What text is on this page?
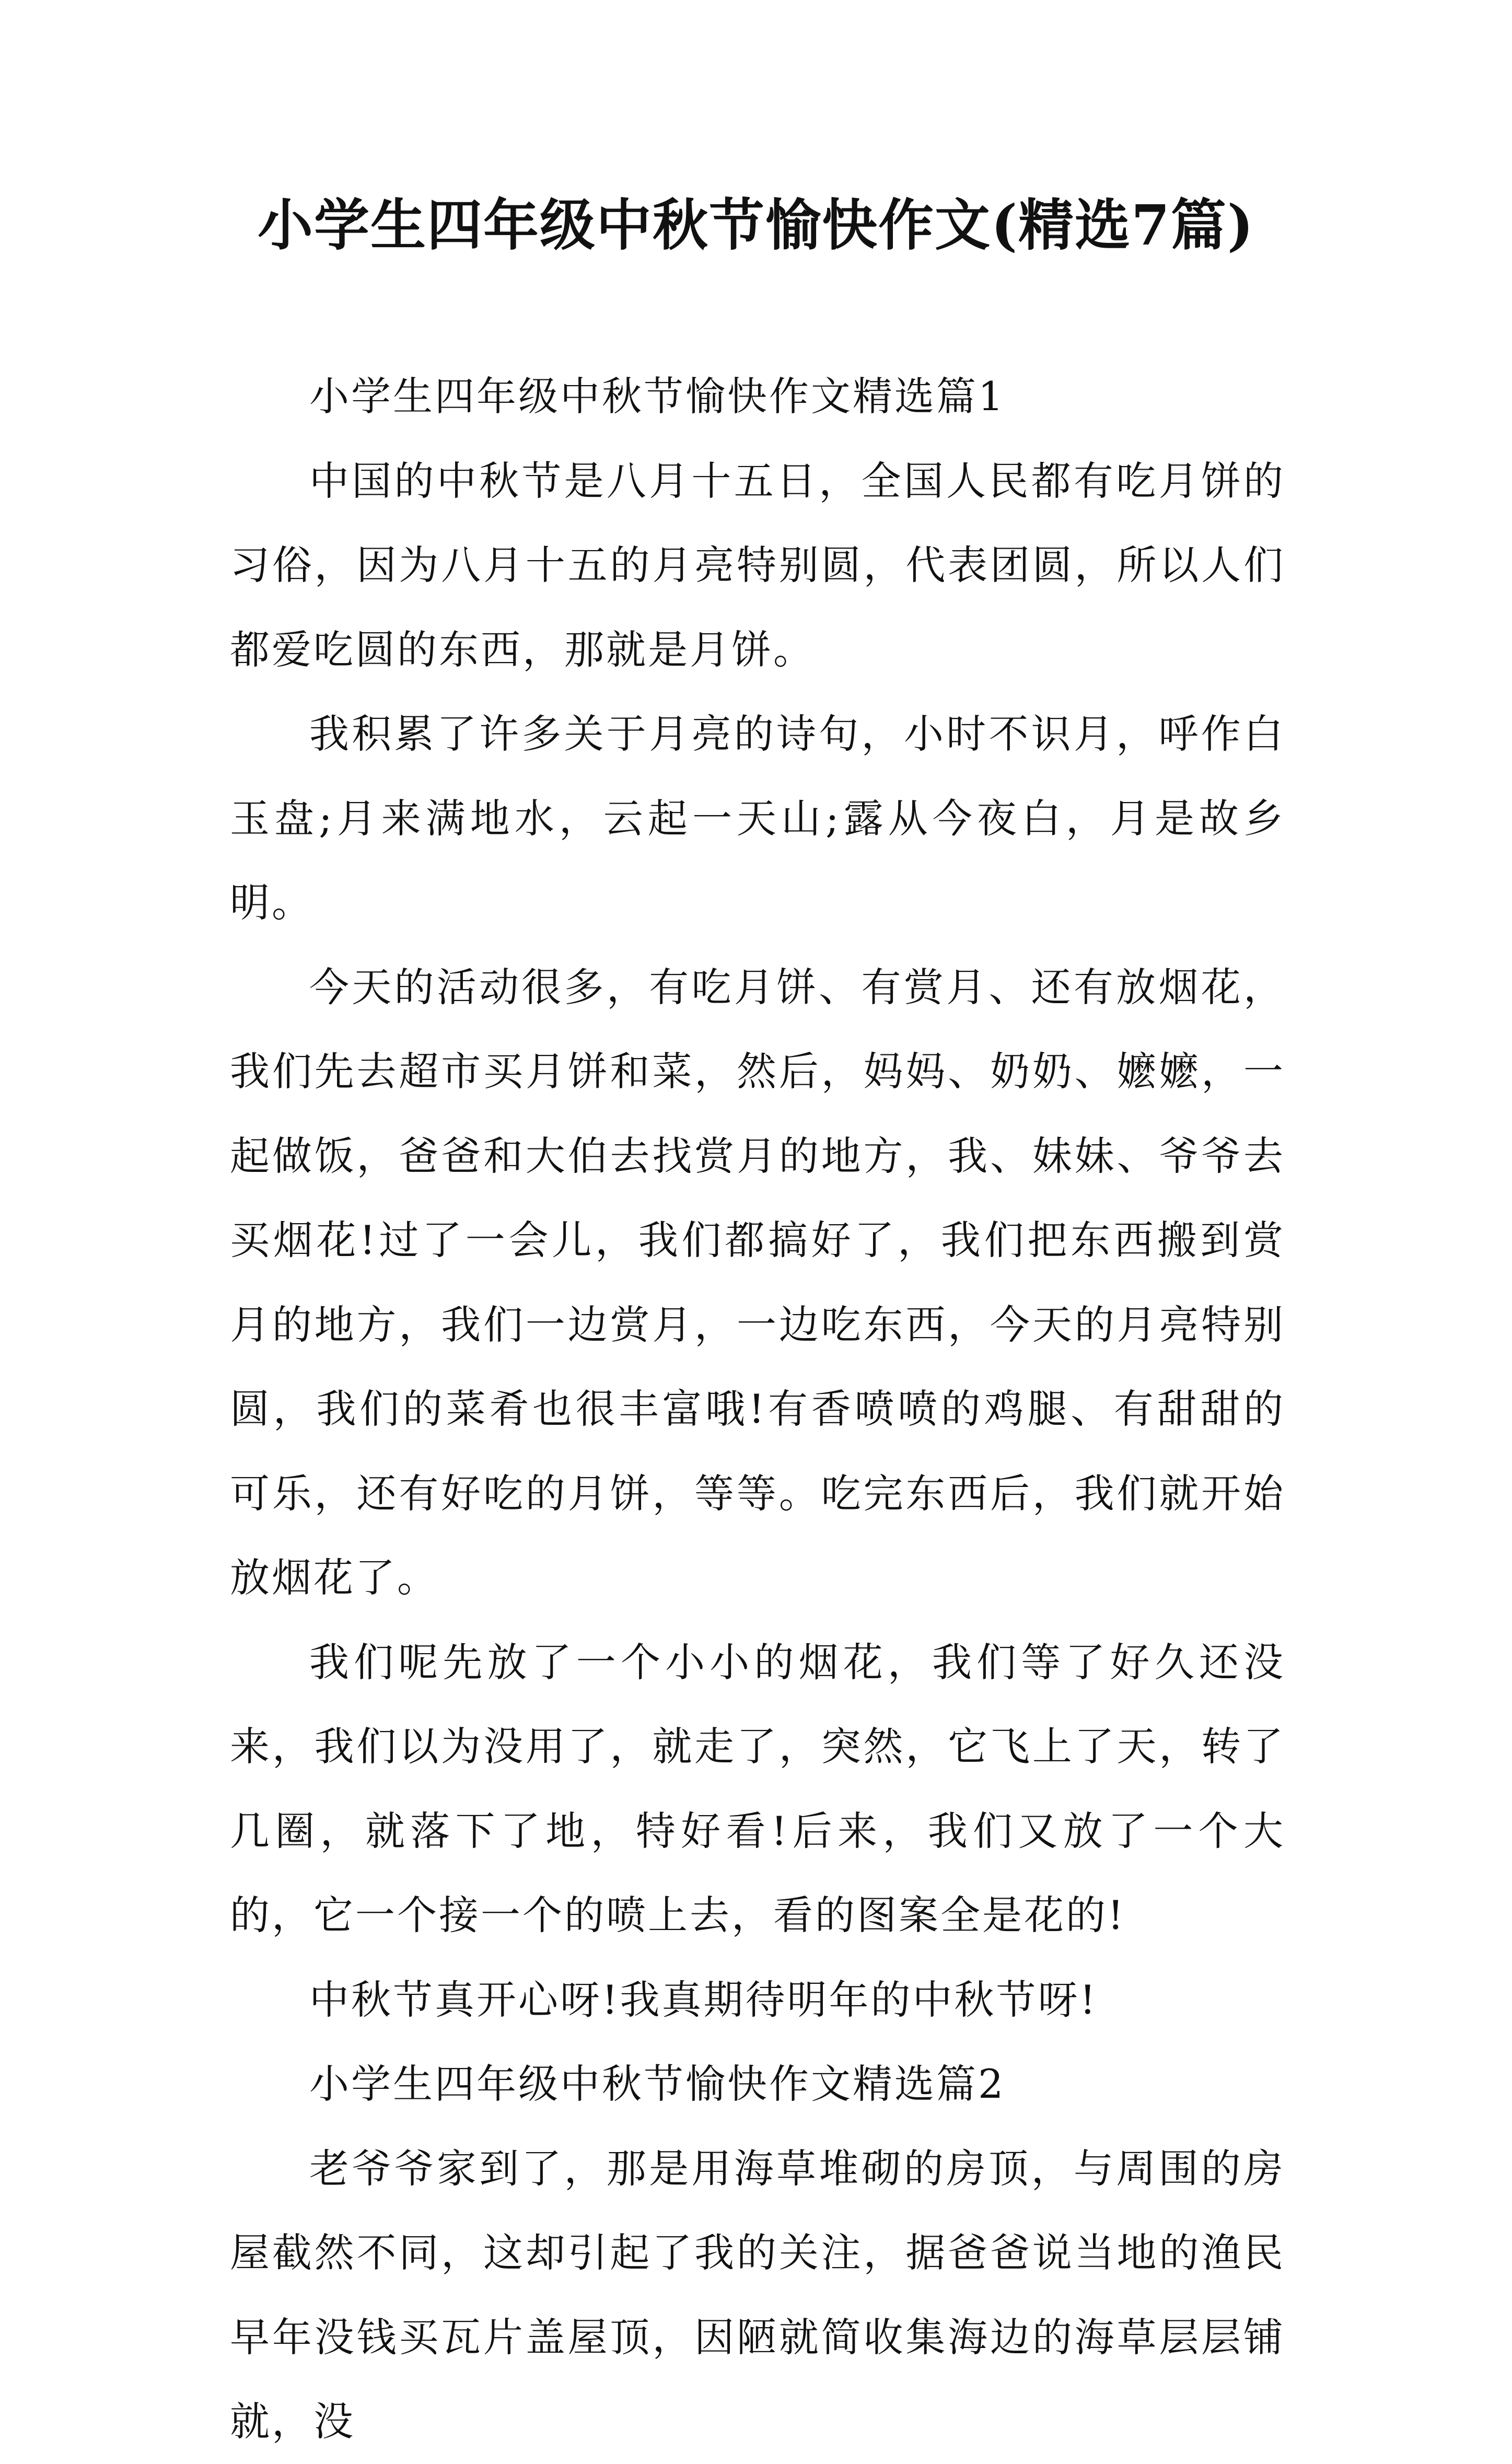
小学生四年级中秋节愉快作文(精选7篇)

小学生四年级中秋节愉快作文精选篇1

中国的中秋节是八月十五日，全国人民都有吃月饼的习俗，因为八月十五的月亮特别圆，代表团圆，所以人们都爱吃圆的东西，那就是月饼。

我积累了许多关于月亮的诗句，小时不识月，呼作白玉盘;月来满地水，云起一天山;露从今夜白，月是故乡明。

今天的活动很多，有吃月饼、有赏月、还有放烟花，我们先去超市买月饼和菜，然后，妈妈、奶奶、嬷嬷，一起做饭，爸爸和大伯去找赏月的地方，我、妹妹、爷爷去买烟花!过了一会儿，我们都搞好了，我们把东西搬到赏月的地方，我们一边赏月，一边吃东西，今天的月亮特别圆，我们的菜肴也很丰富哦!有香喷喷的鸡腿、有甜甜的可乐，还有好吃的月饼，等等。吃完东西后，我们就开始放烟花了。

我们呢先放了一个小小的烟花，我们等了好久还没来，我们以为没用了，就走了，突然，它飞上了天，转了几圈，就落下了地，特好看!后来，我们又放了一个大的，它一个接一个的喷上去，看的图案全是花的!

中秋节真开心呀!我真期待明年的中秋节呀!

小学生四年级中秋节愉快作文精选篇2

老爷爷家到了，那是用海草堆砌的房顶，与周围的房屋截然不同，这却引起了我的关注，据爸爸说当地的渔民早年没钱买瓦片盖屋顶，因陋就简收集海边的海草层层铺就，没
